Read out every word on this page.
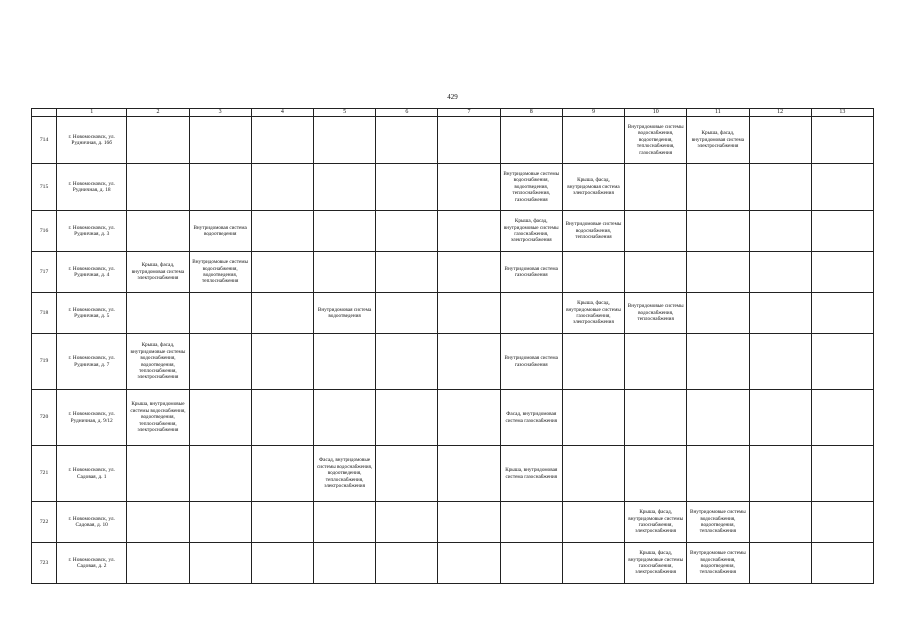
429
	1	2	3	4	5	6	7	8	9	10	11	12	13
714	г. Новомосковск, ул. Рудничная, д. 16б									Внутридомовые системы водоснабжения, водоотведения, теплоснабжения, газоснабжения	Крыша, фасад, внутридомовая система электроснабжения		
715	г. Новомосковск, ул. Рудничная, д. 18							Внутридомовые системы водоснабжения, водоотведения, теплоснабжения, газоснабжения	Крыша, фасад, внутридомовая система электроснабжения				
716	г. Новомосковск, ул. Рудничная, д. 3		Внутридомовая система водоотведения					Крыша, фасад, внутридомовые системы газоснабжения, электроснабжения	Внутридомовые системы водоснабжения, теплоснабжения				
717	г. Новомосковск, ул. Рудничная, д. 4	Крыша, фасад, внутридомовая система электроснабжения	Внутридомовые системы водоснабжения, водоотведения, теплоснабжения					Внутридомовая система газоснабжения					
718	г. Новомосковск, ул. Рудничная, д. 5				Внутридомовая система водоотведения				Крыша, фасад, внутридомовые системы газоснабжения, электроснабжения	Внутридомовые системы водоснабжения, теплоснабжения			
719	г. Новомосковск, ул. Рудничная, д. 7	Крыша, фасад, внутридомовые системы водоснабжения, водоотведения, теплоснабжения, электроснабжения						Внутридомовая система газоснабжения					
720	г. Новомосковск, ул. Рудничная, д. 9/12	Крыша, внутридомовые системы водоснабжения, водоотведения, теплоснабжения, электроснабжения						Фасад, внутридомовая система газоснабжения					
721	г. Новомосковск, ул. Садовая, д. 1				Фасад, внутридомовые системы водоснабжения, водоотведения, теплоснабжения, электроснабжения			Крыша, внутридомовая система газоснабжения					
722	г. Новомосковск, ул. Садовая, д. 10									Крыша, фасад, внутридомовые системы газоснабжения, электроснабжения	Внутридомовые системы водоснабжения, водоотведения, теплоснабжения		
723	г. Новомосковск, ул. Садовая, д. 2									Крыша, фасад, внутридомовые системы газоснабжения, электроснабжения	Внутридомовые системы водоснабжения, водоотведения, теплоснабжения		
